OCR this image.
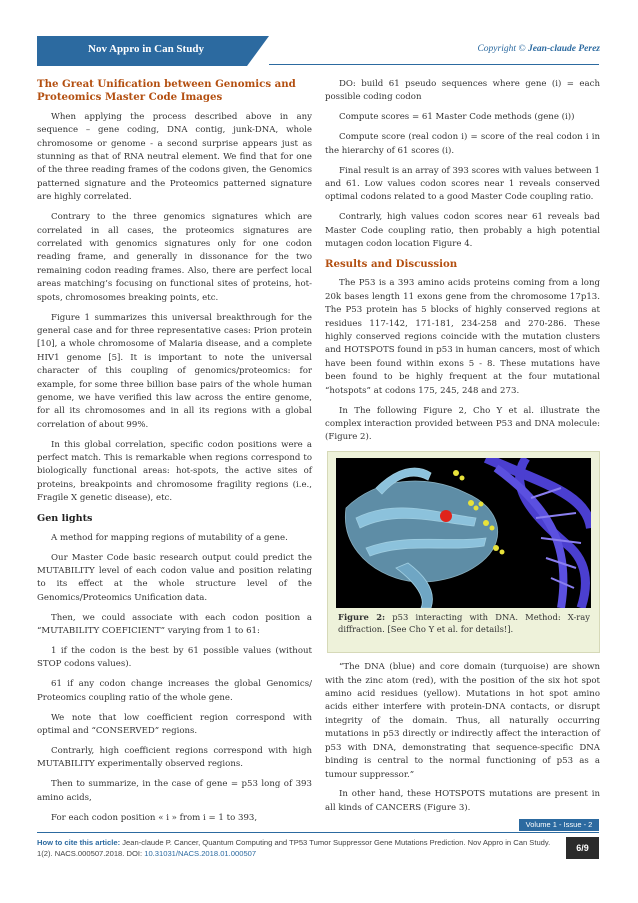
Nov Appro in Can Study	Copyright © Jean-claude Perez
The Great Unification between Genomics and Proteomics Master Code Images

When applying the process described above in any sequence – gene coding, DNA contig, junk-DNA, whole chromosome or genome - a second surprise appears just as stunning as that of RNA neutral element. We find that for one of the three reading frames of the codons given, the Genomics patterned signature and the Proteomics patterned signature are highly correlated.

Contrary to the three genomics signatures which are correlated in all cases, the proteomics signatures are correlated with genomics signatures only for one codon reading frame, and generally in dissonance for the two remaining codon reading frames. Also, there are perfect local areas matching’s focusing on functional sites of proteins, hot-spots, chromosomes breaking points, etc.

Figure 1 summarizes this universal breakthrough for the general case and for three representative cases: Prion protein [10], a whole chromosome of Malaria disease, and a complete HIV1 genome [5]. It is important to note the universal character of this coupling of genomics/proteomics: for example, for some three billion base pairs of the whole human genome, we have verified this law across the entire genome, for all its chromosomes and in all its regions with a global correlation of about 99%.

In this global correlation, specific codon positions were a perfect match. This is remarkable when regions correspond to biologically functional areas: hot-spots, the active sites of proteins, breakpoints and chromosome fragility regions (i.e., Fragile X genetic disease), etc.

Gen lights

A method for mapping regions of mutability of a gene.

Our Master Code basic research output could predict the MUTABILITY level of each codon value and position relating to its effect at the whole structure level of the Genomics/Proteomics Unification data.

Then, we could associate with each codon position a “MUTABILITY COEFICIENT” varying from 1 to 61:

1 if the codon is the best by 61 possible values (without STOP codons values).

61 if any codon change increases the global Genomics/ Proteomics coupling ratio of the whole gene.

We note that low coefficient region correspond with optimal and “CONSERVED” regions.

Contrarly, high coefficient regions correspond with high MUTABILITY experimentally observed regions.

Then to summarize, in the case of gene = p53 long of 393 amino acids,

For each codon position « i » from i = 1 to 393,

DO: build 61 pseudo sequences where gene (i) = each possible coding codon

Compute scores = 61 Master Code methods (gene (i))

Compute score (real codon i) = score of the real codon i in the hierarchy of 61 scores (i).

Final result is an array of 393 scores with values between 1 and 61. Low values codon scores near 1 reveals conserved optimal codons related to a good Master Code coupling ratio.

Contrarly, high values codon scores near 61 reveals bad Master Code coupling ratio, then probably a high potential mutagen codon location Figure 4.

Results and Discussion

The P53 is a 393 amino acids proteins coming from a long 20k bases length 11 exons gene from the chromosome 17p13. The P53 protein has 5 blocks of highly conserved regions at residues 117-142, 171-181, 234-258 and 270-286. These highly conserved regions coincide with the mutation clusters and HOTSPOTS found in p53 in human cancers, most of which have been found within exons 5 - 8. These mutations have been found to be highly frequent at the four mutational “hotspots” at codons 175, 245, 248 and 273.

In The following Figure 2, Cho Y et al. illustrate the complex interaction provided between P53 and DNA molecule: (Figure 2).

Figure 2: p53 interacting with DNA. Method: X-ray diffraction. [See Cho Y et al. for details!].

“The DNA (blue) and core domain (turquoise) are shown with the zinc atom (red), with the position of the six hot spot amino acid residues (yellow). Mutations in hot spot amino acids either interfere with protein-DNA contacts, or disrupt integrity of the domain. Thus, all naturally occurring mutations in p53 directly or indirectly affect the interaction of p53 with DNA, demonstrating that sequence-specific DNA binding is central to the normal functioning of p53 as a tumour suppressor.”

In other hand, these HOTSPOTS mutations are present in all kinds of CANCERS (Figure 3).

Volume 1 - Issue - 2
How to cite this article: Jean-claude P. Cancer, Quantum Computing and TP53 Tumor Suppressor Gene Mutations Prediction. Nov Appro in Can Study. 1(2). NACS.000507.2018. DOI: 10.31031/NACS.2018.01.000507
6/9
